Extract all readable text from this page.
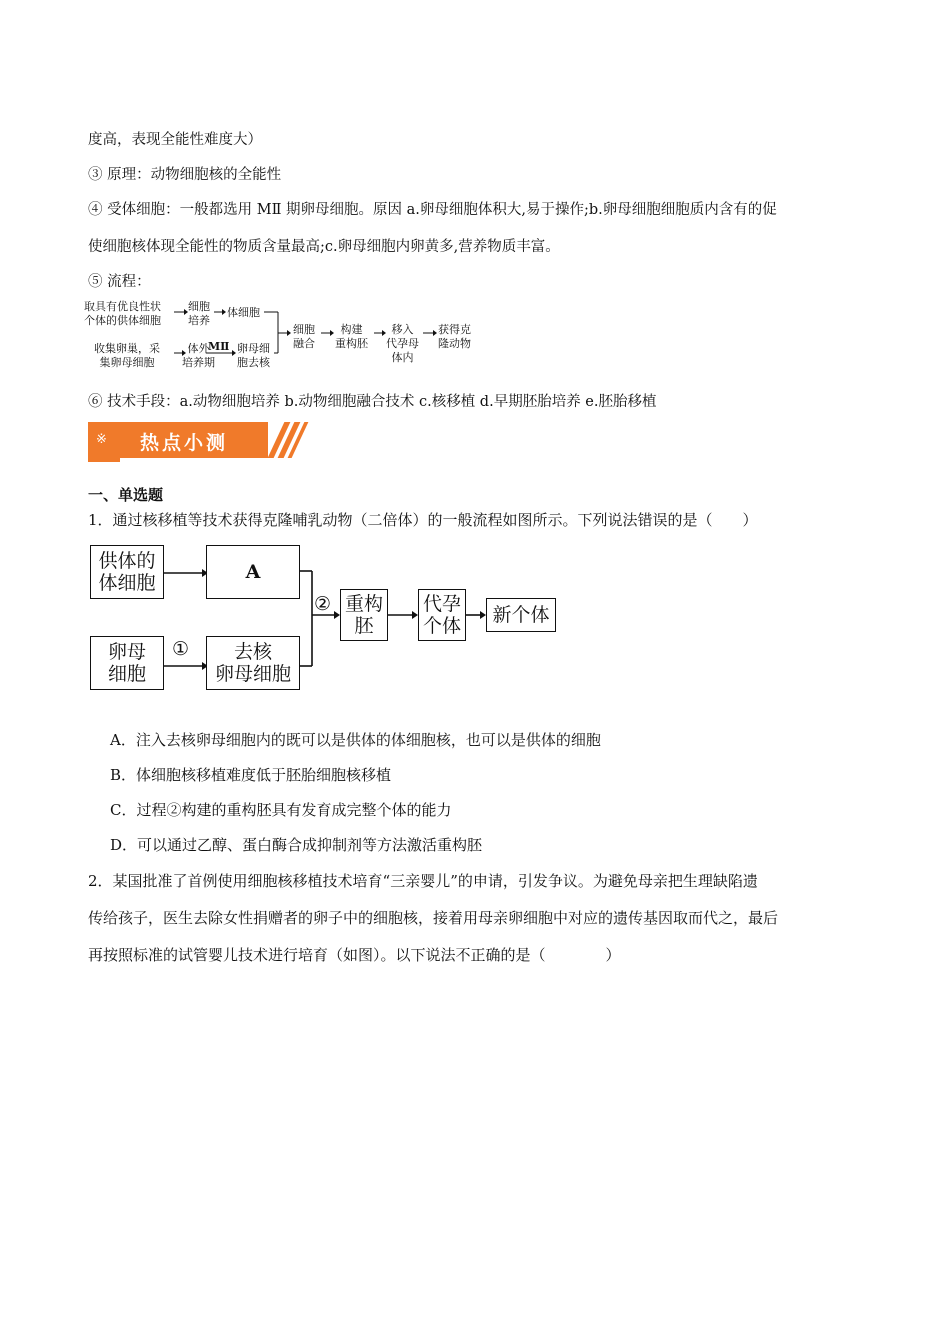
度高，表现全能性难度大）
③ 原理：动物细胞核的全能性
④ 受体细胞：一般都选用 MⅡ 期卵母细胞。原因 a.卵母细胞体积大,易于操作;b.卵母细胞细胞质内含有的促
使细胞核体现全能性的物质含量最高;c.卵母细胞内卵黄多,营养物质丰富。
⑤ 流程：
取具有优良性状
个体的供体细胞
细胞
培养
体细胞
收集卵巢，采
集卵母细胞
体外
培养期
MⅡ 卵母细
胞去核
细胞
融合
构建
重构胚
移入
代孕母
体内
获得克
隆动物
⑥ 技术手段：a.动物细胞培养 b.动物细胞融合技术 c.核移植 d.早期胚胎培养 e.胚胎移植
※ 热点小测
一、单选题
1．通过核移植等技术获得克隆哺乳动物（二倍体）的一般流程如图所示。下列说法错误的是（　　）
供体的
体细胞	A
卵母
细胞
①	去核
卵母细胞
② 重构
胚
代孕
个体	新个体
A．注入去核卵母细胞内的既可以是供体的体细胞核，也可以是供体的细胞
B．体细胞核移植难度低于胚胎细胞核移植
C．过程②构建的重构胚具有发育成完整个体的能力
D．可以通过乙醇、蛋白酶合成抑制剂等方法激活重构胚
2．某国批准了首例使用细胞核移植技术培育“三亲婴儿”的申请，引发争议。为避免母亲把生理缺陷遗
传给孩子，医生去除女性捐赠者的卵子中的细胞核，接着用母亲卵细胞中对应的遗传基因取而代之，最后
再按照标准的试管婴儿技术进行培育（如图）。以下说法不正确的是（　　　　）
